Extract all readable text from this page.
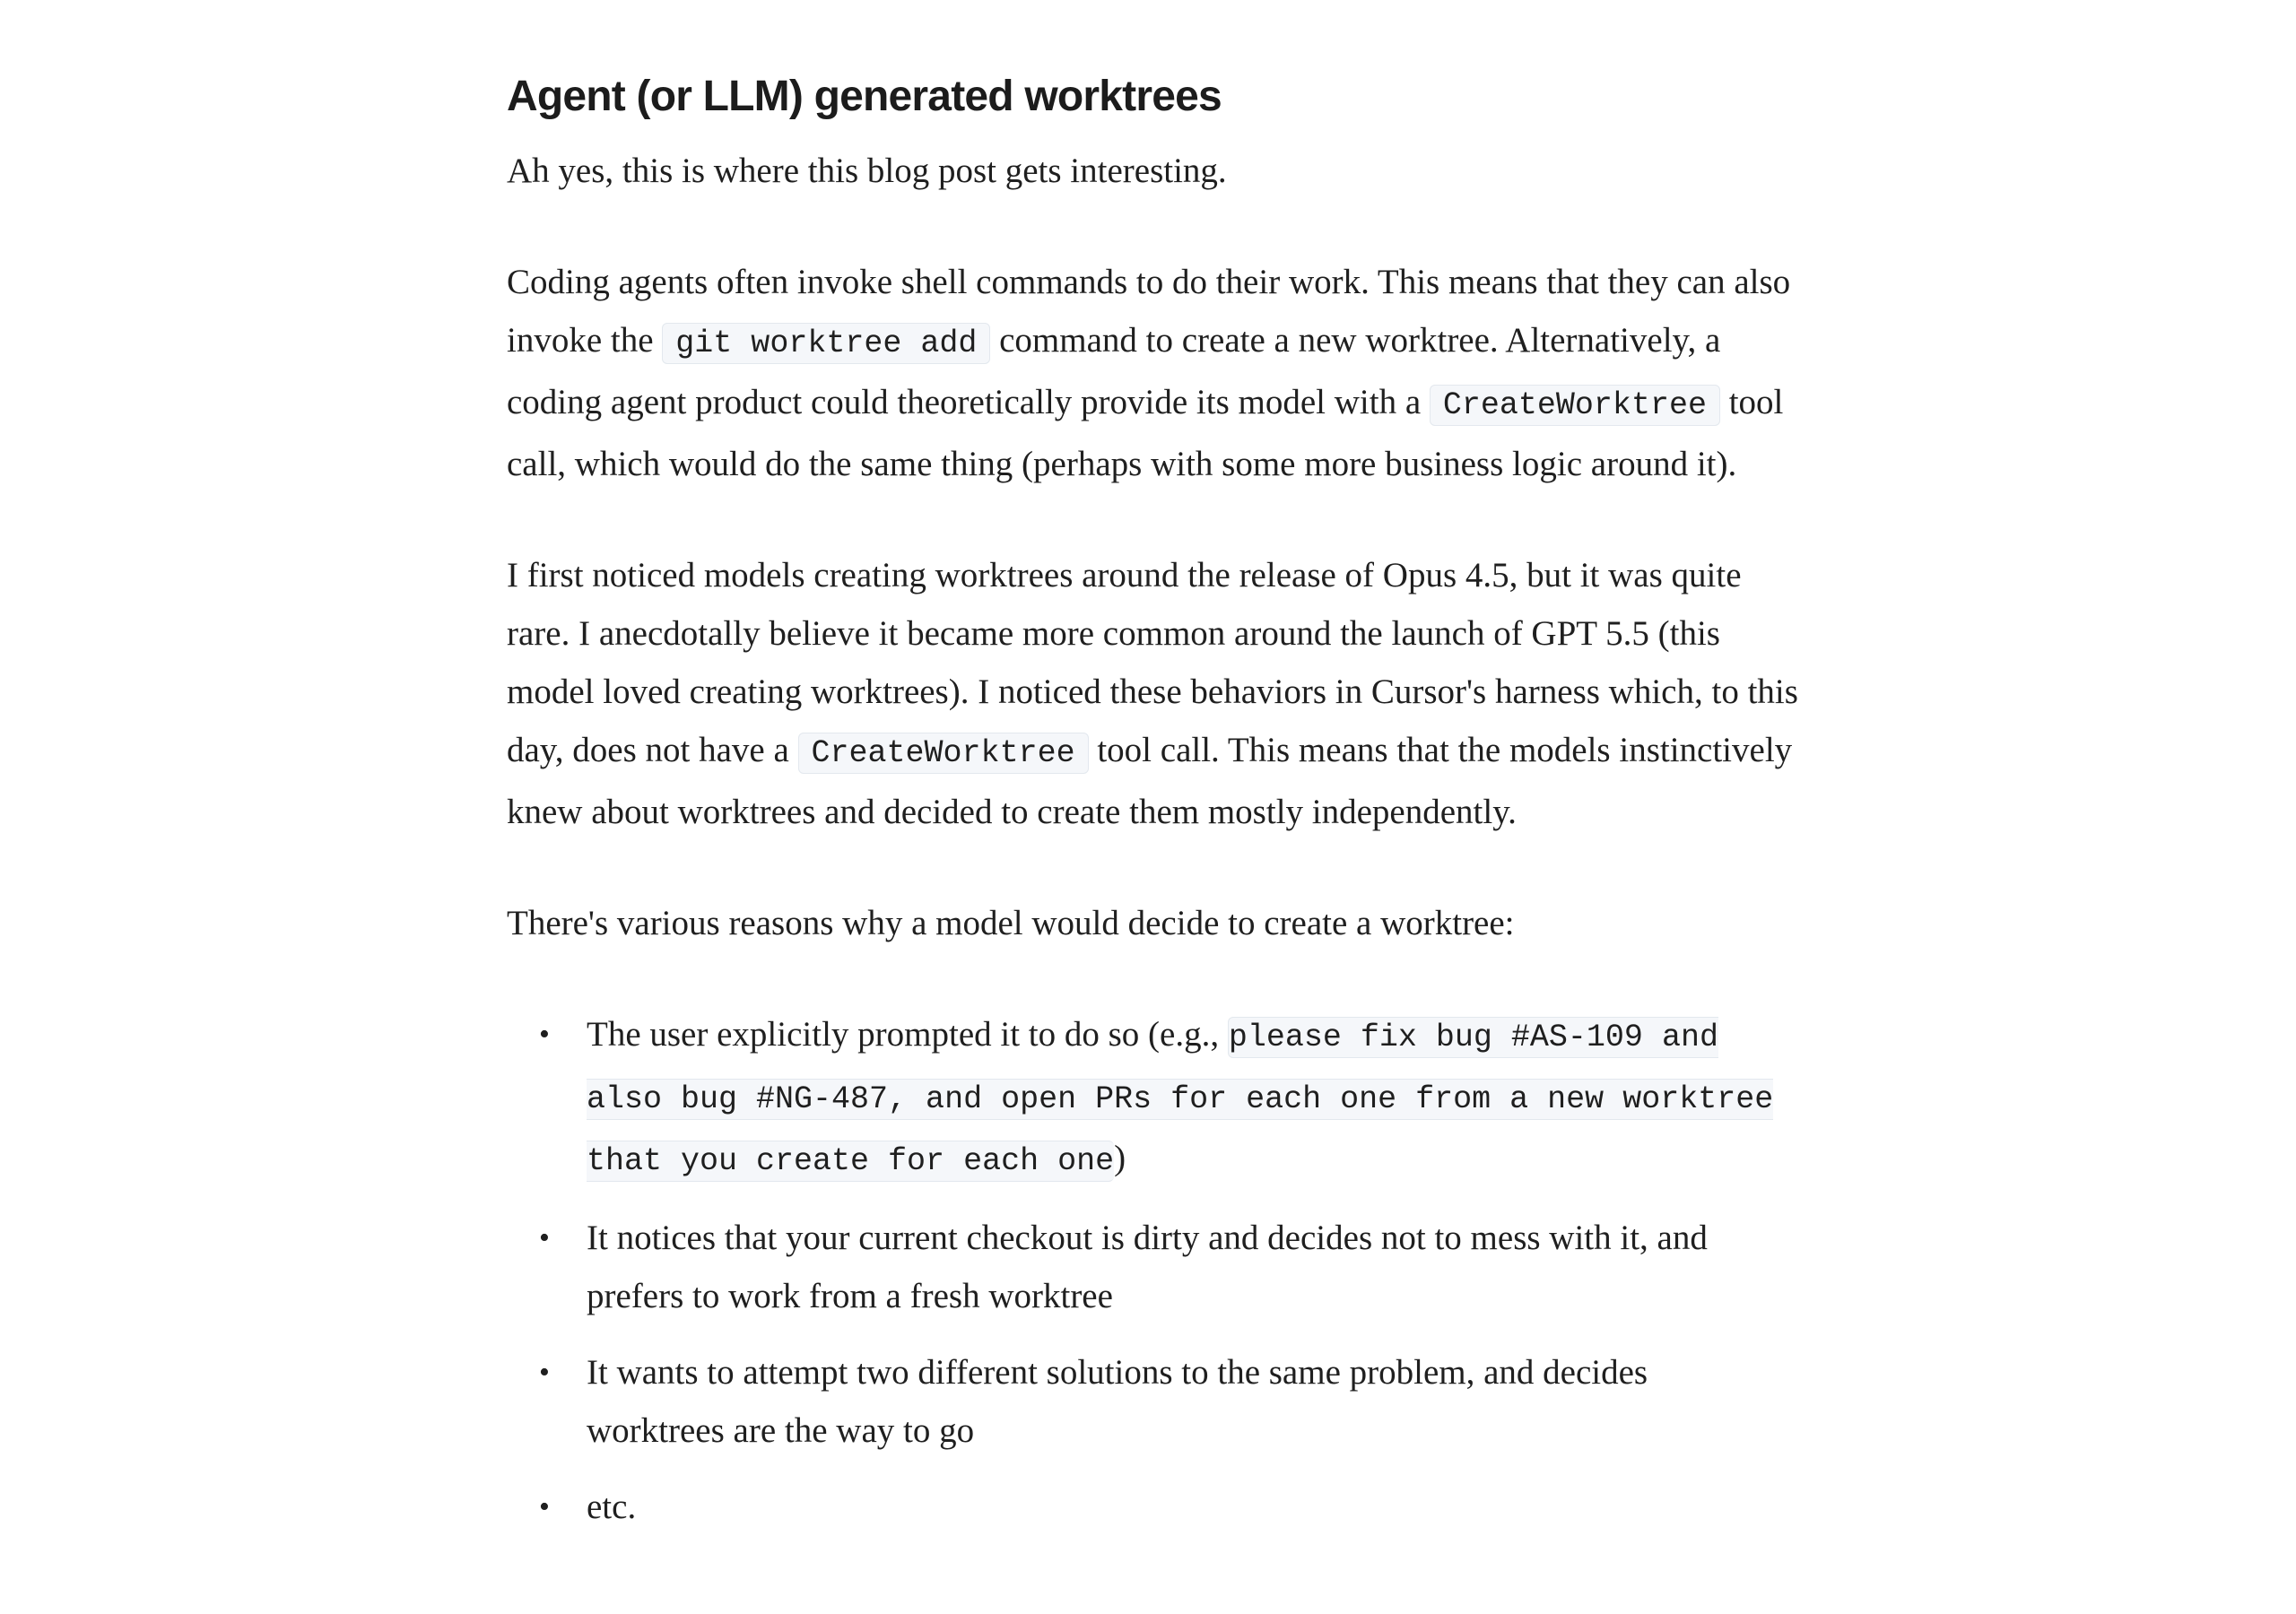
Agent (or LLM) generated worktrees

Ah yes, this is where this blog post gets interesting.

Coding agents often invoke shell commands to do their work. This means that they can also invoke the git worktree add command to create a new worktree. Alternatively, a coding agent product could theoretically provide its model with a CreateWorktree tool call, which would do the same thing (perhaps with some more business logic around it).

I first noticed models creating worktrees around the release of Opus 4.5, but it was quite rare. I anecdotally believe it became more common around the launch of GPT 5.5 (this model loved creating worktrees). I noticed these behaviors in Cursor's harness which, to this day, does not have a CreateWorktree tool call. This means that the models instinctively knew about worktrees and decided to create them mostly independently.

There's various reasons why a model would decide to create a worktree:

• The user explicitly prompted it to do so (e.g., please fix bug #AS-109 and also bug #NG-487, and open PRs for each one from a new worktree that you create for each one)
• It notices that your current checkout is dirty and decides not to mess with it, and prefers to work from a fresh worktree
• It wants to attempt two different solutions to the same problem, and decides worktrees are the way to go
• etc.
